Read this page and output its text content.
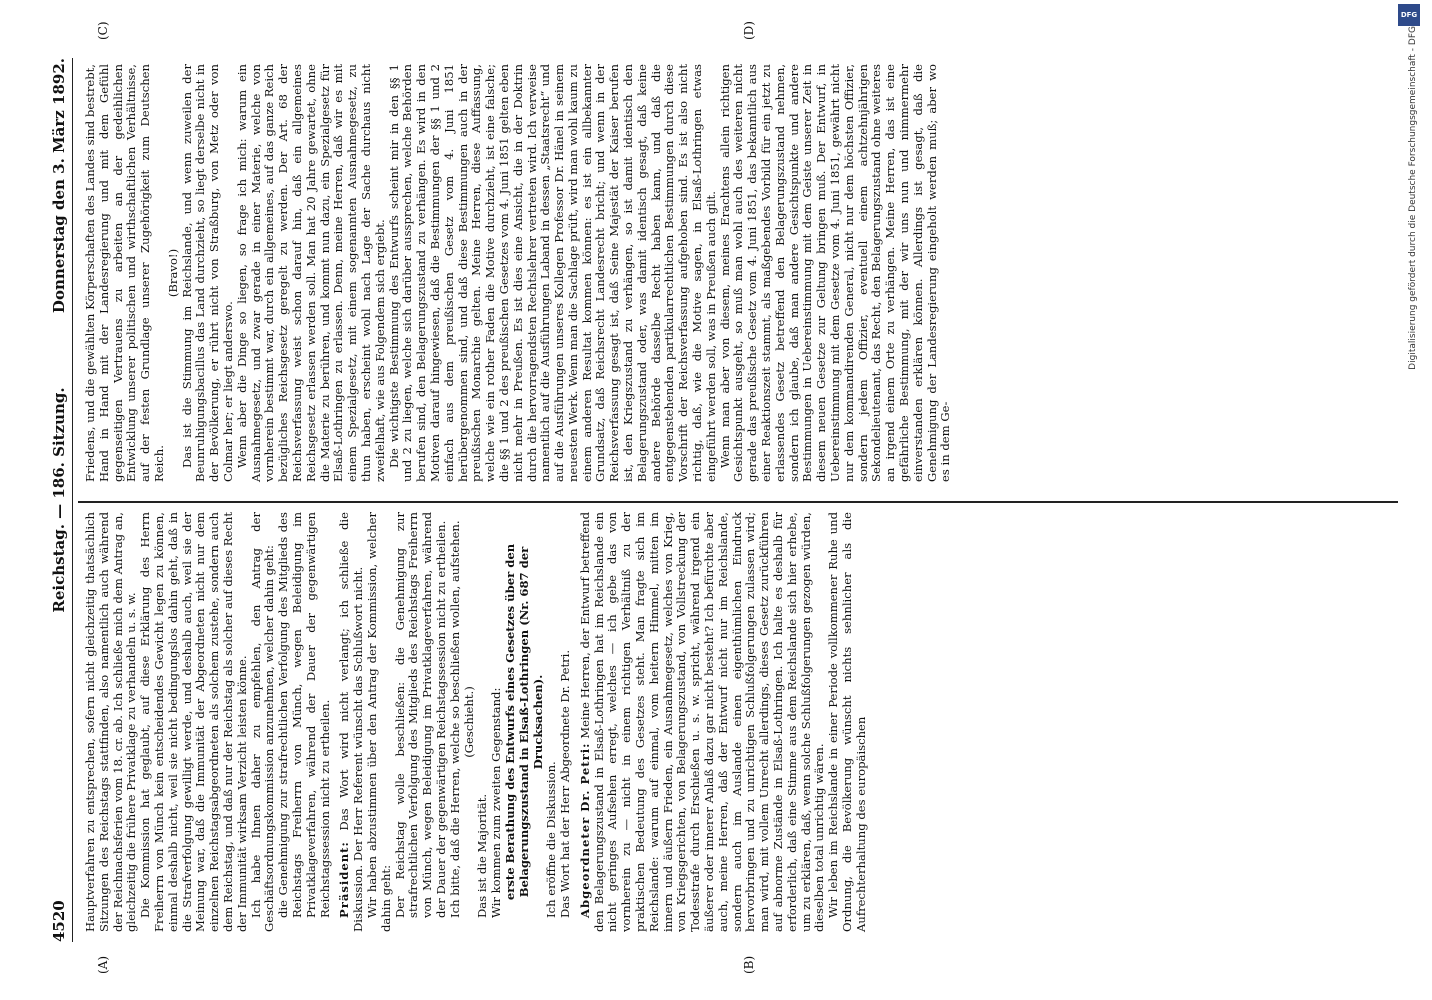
4520
Reichstag. — 186. Sitzung.
Donnerstag den 3. März 1892.
(A)	(B)
(C)	(D)

Hauptverfahren zu entsprechen, sofern nicht gleichzeitig thatsächlich Sitzungen des Reichstags stattfinden, also namentlich auch während der Reichnachsferien vom 18. cr. ab. Ich schließe mich dem Antrag an, gleichzeitig die frühere Privatklage zu verhandeln u. s. w. Die Kommission hat geglaubt, auf diese Erklärung des Herrn Freiherrn von Münch kein entscheidendes Gewicht legen zu können, einmal deshalb nicht, weil sie nicht bedingungslos dahin geht, daß in die Strafverfolgung gewilligt werde, und deshalb auch, weil sie der Meinung war, daß die Immunität der Abgeordneten nicht nur dem einzelnen Reichstagsabgeordneten als solchem zustehe, sondern auch dem Reichstag, und daß nur der Reichstag als solcher auf dieses Recht der Immunität wirksam Verzicht leisten könne. Ich habe Ihnen daher zu empfehlen, den Antrag der Geschäftsordnungskommission anzunehmen, welcher dahin geht: die Genehmigung zur strafrechtlichen Verfolgung des Mitglieds des Reichstags Freiherrn von Münch, wegen Beleidigung im Privatklageverfahren, während der Dauer der gegenwärtigen Reichstagssession nicht zu ertheilen. Präsident: Das Wort wird nicht verlangt; ich schließe die Diskussion. Der Herr Referent wünscht das Schlußwort nicht. Wir haben abzustimmen über den Antrag der Kommission, welcher dahin geht: Der Reichstag wolle beschließen: die Genehmigung zur strafrechtlichen Verfolgung des Mitglieds des Reichstags Freiherrn von Münch, wegen Beleidigung im Privatklageverfahren, während der Dauer der gegenwärtigen Reichstagssession nicht zu ertheilen. Ich bitte, daß die Herren, welche so beschließen wollen, aufstehen. (Geschieht.)

Das ist die Majorität. Wir kommen zum zweiten Gegenstand: erste Berathung des Entwurfs eines Gesetzes über den Belagerungszustand in Elsaß-Lothringen (Nr. 687 der Drucksachen).

Ich eröffne die Diskussion. Das Wort hat der Herr Abgeordnete Dr. Petri. Abgeordneter Dr. Petri: Meine Herren, der Entwurf betreffend den Belagerungszustand in Elsaß-Lothringen hat im Reichslande ein nicht geringes Aufsehen erregt, welches — ich gebe das von vornherein zu — nicht in einem richtigen Verhältniß zu der praktischen Bedeutung des Gesetzes steht. Man fragte sich im Reichslande: warum auf einmal, vom heitern Himmel, mitten im innern und äußern Frieden, ein Ausnahmegesetz, welches von Krieg, von Kriegsgerichten, von Belagerungszustand, von Vollstreckung der Todesstrafe durch Erschießen u. s. w. spricht, während irgend ein äußerer oder innerer Anlaß dazu gar nicht besteht? Ich befürchte aber auch, meine Herren, daß der Entwurf nicht nur im Reichslande, sondern auch im Auslande einen eigenthümlichen Eindruck hervorbringen und zu unrichtigen Schlußfolgerungen zulassen wird; man wird, mit vollem Unrecht allerdings, dieses Gesetz zurückführen auf abnorme Zustände in Elsaß-Lothringen. Ich halte es deshalb für erforderlich, daß eine Stimme aus dem Reichslande sich hier erhebe, um zu erklären, daß, wenn solche Schlußfolgerungen gezogen würden, dieselben total unrichtig wären. Wir leben im Reichslande in einer Periode vollkommener Ruhe und Ordnung, die Bevölkerung wünscht nichts sehnlicher als die Aufrechterhaltung des europäischen

Friedens, und die gewählten Körperschaften des Landes sind bestrebt, Hand in Hand mit der Landesregierung und mit dem Gefühl gegenseitigen Vertrauens zu arbeiten an der gedeihlichen Entwicklung unserer politischen und wirthschaftlichen Verhältnisse, auf der festen Grundlage unserer Zugehörigkeit zum Deutschen Reich.

(Bravo!) Das ist die Stimmung im Reichslande, und wenn zuweilen der Beunruhigungsbacillus das Land durchzieht, so liegt derselbe nicht in der Bevölkerung, er rührt nicht von Straßburg, von Metz oder von Colmar her; er liegt anderswo. Wenn aber die Dinge so liegen, so frage ich mich: warum ein Ausnahmegesetz, und zwar gerade in einer Materie, welche von vornherein bestimmt war, durch ein allgemeines, auf das ganze Reich bezügliches Reichsgesetz geregelt zu werden. Der Art. 68 der Reichsverfassung weist schon darauf hin, daß ein allgemeines Reichsgesetz erlassen werden soll. Man hat 20 Jahre gewartet, ohne die Materie zu berühren, und kommt nun dazu, ein Spezialgesetz für Elsaß-Lothringen zu erlassen. Denn, meine Herren, daß wir es mit einem Spezialgesetz, mit einem sogenannten Ausnahmegesetz, zu thun haben, erscheint wohl nach Lage der Sache durchaus nicht zweifelhaft, wie aus Folgendem sich ergiebt. Die wichtigste Bestimmung des Entwurfs scheint mir in den §§ 1 und 2 zu liegen, welche sich darüber aussprechen, welche Behörden berufen sind, den Belagerungszustand zu verhängen. Es wird in den Motiven darauf hingewiesen, daß die Bestimmungen der §§ 1 und 2 einfach aus dem preußischen Gesetz vom 4. Juni 1851 herübergenommen sind, und daß diese Bestimmungen auch in der preußischen Monarchie gelten. Meine Herren, diese Auffassung, welche wie ein rother Faden die Motive durchzieht, ist eine falsche; die §§ 1 und 2 des preußischen Gesetzes vom 4. Juni 1851 gelten eben nicht mehr in Preußen. Es ist dies eine Ansicht, die in der Doktrin durch die hervorragendsten Rechtslehrer vertreten wird. Ich verweise namentlich auf die Ausführungen Laband in dessen „Staatsrecht“ und auf die Ausführungen unseres Kollegen Professor Dr. Hänel in seinem neuesten Werk. Wenn man die Sachlage prüft, wird man wohl kaum zu einem anderen Resultat kommen können: es ist ein allbekannter Grundsatz, daß Reichsrecht Landesrecht bricht; und wenn in der Reichsverfassung gesagt ist, daß Seine Majestät der Kaiser berufen ist, den Kriegszustand zu verhängen, so ist damit identisch den Belagerungszustand oder, was damit identisch gesagt, daß keine andere Behörde dasselbe Recht haben kann, und daß die entgegenstehenden partikularrechtlichen Bestimmungen durch diese Vorschrift der Reichsverfassung aufgehoben sind. Es ist also nicht richtig, daß, wie die Motive sagen, in Elsaß-Lothringen etwas eingeführt werden soll, was in Preußen auch gilt. Wenn man aber von diesem, meines Erachtens allein richtigen Gesichtspunkt ausgeht, so muß man wohl auch des weiteren nicht gerade das preußische Gesetz vom 4. Juni 1851, das bekanntlich aus einer Reaktionszeit stammt, als maßgebendes Vorbild für ein jetzt zu erlassendes Gesetz betreffend den Belagerungszustand nehmen, sondern ich glaube, daß man andere Gesichtspunkte und andere Bestimmungen in Uebereinstimmung mit dem Geiste unserer Zeit in diesem neuen Gesetze zur Geltung bringen muß. Der Entwurf, in Uebereinstimmung mit dem Gesetze vom 4. Juni 1851, gewährt nicht nur dem kommandirenden General, nicht nur dem höchsten Offizier, sondern jedem Offizier, eventuell einem achtzehnjährigen Sekondelieutenant, das Recht, den Belagerungszustand ohne weiteres an irgend einem Orte zu verhängen. Meine Herren, das ist eine gefährliche Bestimmung, mit der wir uns nun und nimmermehr einverstanden erklären können. Allerdings ist gesagt, daß die Genehmigung der Landesregierung eingeholt werden muß; aber wo es in dem Ge-

Digitalisierung gefördert durch die Deutsche Forschungsgemeinschaft - DFG
DFG
